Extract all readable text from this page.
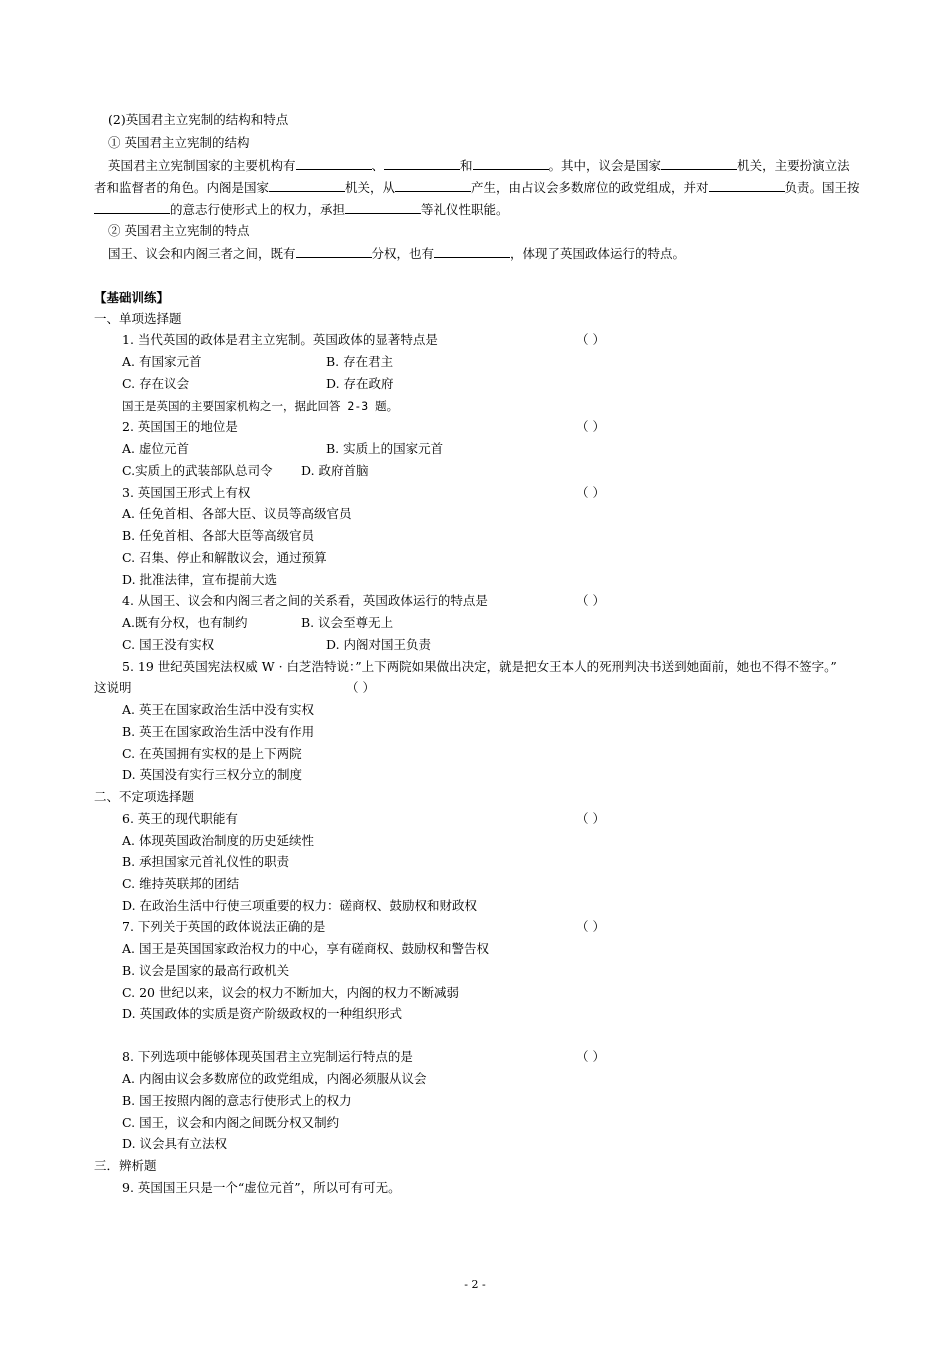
(2)英国君主立宪制的结构和特点
① 英国君主立宪制的结构
英国君主立宪制国家的主要机构有	、	和	。其中，议会是国家	机关，主要扮演立法
者和监督者的角色。内阁是国家	机关，从	产生，由占议会多数席位的政党组成，并对	负责。国王按
的意志行使形式上的权力，承担	等礼仪性职能。
② 英国君主立宪制的特点
国王、议会和内阁三者之间，既有	分权，也有	，体现了英国政体运行的特点。
【基础训练】
一、单项选择题
1. 当代英国的政体是君主立宪制。英国政体的显著特点是	（ ）
A. 有国家元首	B. 存在君主
C. 存在议会	D. 存在政府
国王是英国的主要国家机构之一，据此回答 2-3 题。
2. 英国国王的地位是	（ ）
A. 虚位元首	B. 实质上的国家元首
C.实质上的武装部队总司令 D. 政府首脑
3. 英国国王形式上有权	（ ）
A. 任免首相、各部大臣、议员等高级官员
B. 任免首相、各部大臣等高级官员
C. 召集、停止和解散议会，通过预算
D. 批准法律，宣布提前大选
4. 从国王、议会和内阁三者之间的关系看，英国政体运行的特点是	（ ）
A.既有分权，也有制约	B. 议会至尊无上
C. 国王没有实权	D. 内阁对国王负责
5. 19 世纪英国宪法权威 W · 白芝浩特说：”上下两院如果做出决定，就是把女王本人的死刑判决书送到她面前，她也不得不签字。”
这说明	（ ）
A. 英王在国家政治生活中没有实权
B. 英王在国家政治生活中没有作用
C. 在英国拥有实权的是上下两院
D. 英国没有实行三权分立的制度
二、不定项选择题
6. 英王的现代职能有	（ ）
A. 体现英国政治制度的历史延续性
B. 承担国家元首礼仪性的职责
C. 维持英联邦的团结
D. 在政治生活中行使三项重要的权力：磋商权、鼓励权和财政权
7. 下列关于英国的政体说法正确的是	（ ）
A. 国王是英国国家政治权力的中心，享有磋商权、鼓励权和警告权
B. 议会是国家的最高行政机关
C. 20 世纪以来，议会的权力不断加大，内阁的权力不断减弱
D. 英国政体的实质是资产阶级政权的一种组织形式
8. 下列选项中能够体现英国君主立宪制运行特点的是	（ ）
A. 内阁由议会多数席位的政党组成，内阁必须服从议会
B. 国王按照内阁的意志行使形式上的权力
C. 国王，议会和内阁之间既分权又制约
D. 议会具有立法权
三．辨析题
9. 英国国王只是一个“虚位元首”，所以可有可无。
- 2 -
